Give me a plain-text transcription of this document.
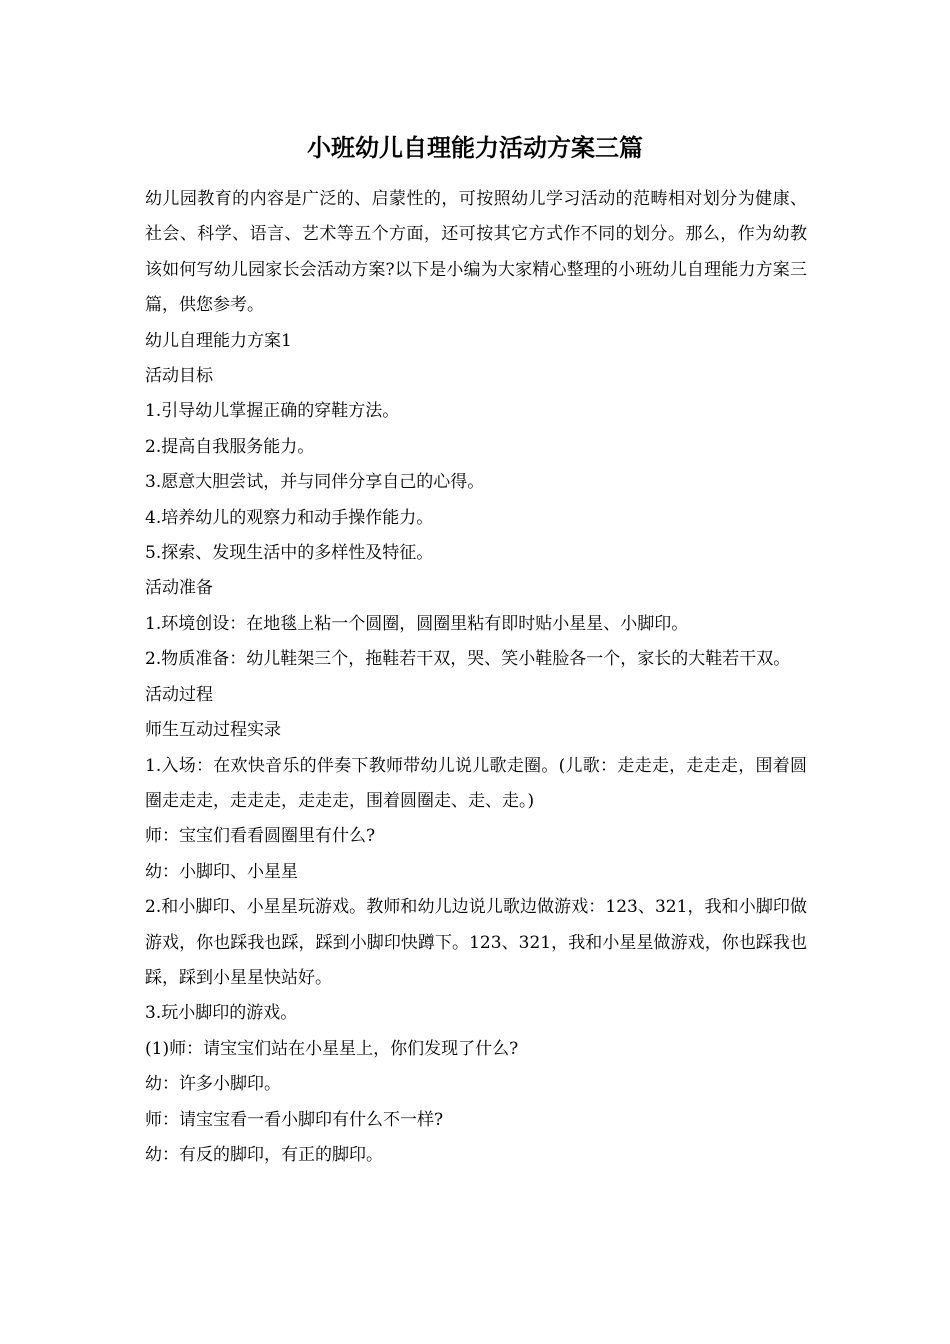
小班幼儿自理能力活动方案三篇

幼儿园教育的内容是广泛的、启蒙性的，可按照幼儿学习活动的范畴相对划分为健康、社会、科学、语言、艺术等五个方面，还可按其它方式作不同的划分。那么，作为幼教该如何写幼儿园家长会活动方案?以下是小编为大家精心整理的小班幼儿自理能力方案三篇，供您参考。

幼儿自理能力方案1

活动目标

1.引导幼儿掌握正确的穿鞋方法。

2.提高自我服务能力。

3.愿意大胆尝试，并与同伴分享自己的心得。

4.培养幼儿的观察力和动手操作能力。

5.探索、发现生活中的多样性及特征。

活动准备

1.环境创设：在地毯上粘一个圆圈，圆圈里粘有即时贴小星星、小脚印。

2.物质准备：幼儿鞋架三个，拖鞋若干双，哭、笑小鞋脸各一个，家长的大鞋若干双。

活动过程

师生互动过程实录

1.入场：在欢快音乐的伴奏下教师带幼儿说儿歌走圈。(儿歌：走走走，走走走，围着圆圈走走走，走走走，走走走，围着圆圈走、走、走。)

师：宝宝们看看圆圈里有什么?

幼：小脚印、小星星

2.和小脚印、小星星玩游戏。教师和幼儿边说儿歌边做游戏：123、321，我和小脚印做游戏，你也踩我也踩，踩到小脚印快蹲下。123、321，我和小星星做游戏，你也踩我也踩，踩到小星星快站好。

3.玩小脚印的游戏。

(1)师：请宝宝们站在小星星上，你们发现了什么?

幼：许多小脚印。

师：请宝宝看一看小脚印有什么不一样?

幼：有反的脚印，有正的脚印。
